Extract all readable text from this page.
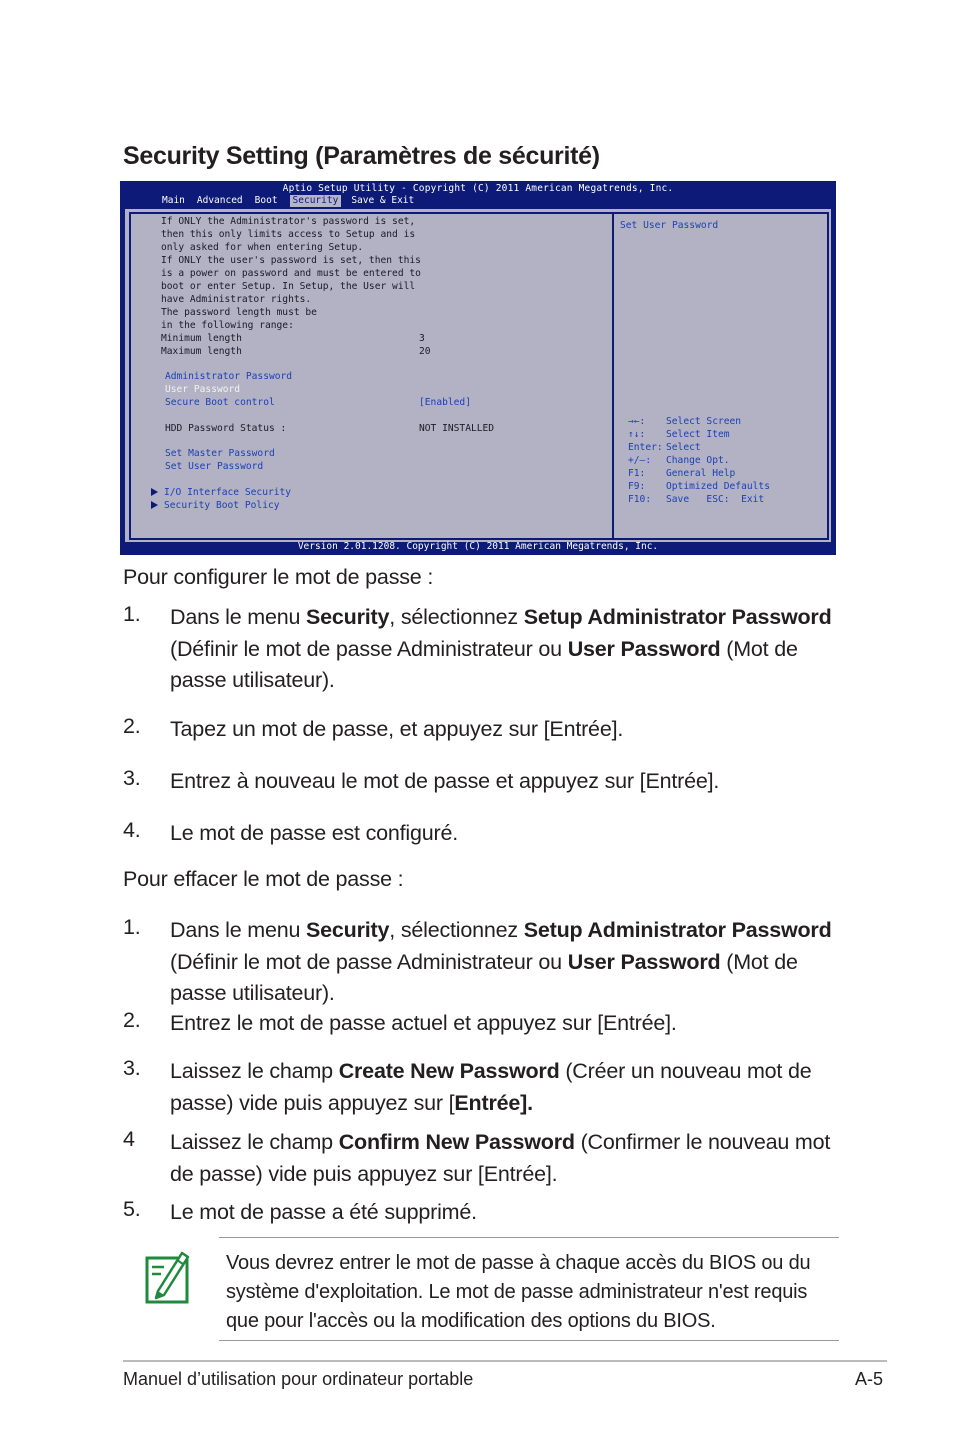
Security Setting (Paramètres de sécurité)
Aptio Setup Utility - Copyright (C) 2011 American Megatrends, Inc.
Main	Advanced	Boot	Security	Save & Exit
If ONLY the Administrator's password is set,
then this only limits access to Setup and is
only asked for when entering Setup.
If ONLY the user's password is set, then this
is a power on password and must be entered to
boot or enter Setup. In Setup, the User will
have Administrator rights.
The password length must be
in the following range:
Minimum length	3
Maximum length	20
Administrator Password
User Password
Secure Boot control	[Enabled]
HDD Password Status :	NOT INSTALLED
Set Master Password
Set User Password
I/O Interface Security
Security Boot Policy
Set User Password
→←: Select Screen
↑↓: Select Item
Enter: Select
+/—: Change Opt.
F1: General Help
F9: Optimized Defaults
F10: Save   ESC:  Exit
Version 2.01.1208. Copyright (C) 2011 American Megatrends, Inc.
Pour configurer le mot de passe :
1. Dans le menu Security, sélectionnez Setup Administrator Password (Définir le mot de passe Administrateur ou User Password (Mot de passe utilisateur).
2. Tapez un mot de passe, et appuyez sur [Entrée].
3. Entrez à nouveau le mot de passe et appuyez sur [Entrée].
4. Le mot de passe est configuré.
Pour effacer le mot de passe :
1. Dans le menu Security, sélectionnez Setup Administrator Password (Définir le mot de passe Administrateur ou User Password (Mot de passe utilisateur).
2. Entrez le mot de passe actuel et appuyez sur [Entrée].
3. Laissez le champ Create New Password (Créer un nouveau mot de passe) vide puis appuyez sur [Entrée].
4 Laissez le champ Confirm New Password (Confirmer le nouveau mot de passe) vide puis appuyez sur [Entrée].
5. Le mot de passe a été supprimé.
Vous devrez entrer le mot de passe à chaque accès du BIOS ou du système d'exploitation. Le mot de passe administrateur n'est requis que pour l'accès ou la modification des options du BIOS.
Manuel d’utilisation pour ordinateur portable	A-5
